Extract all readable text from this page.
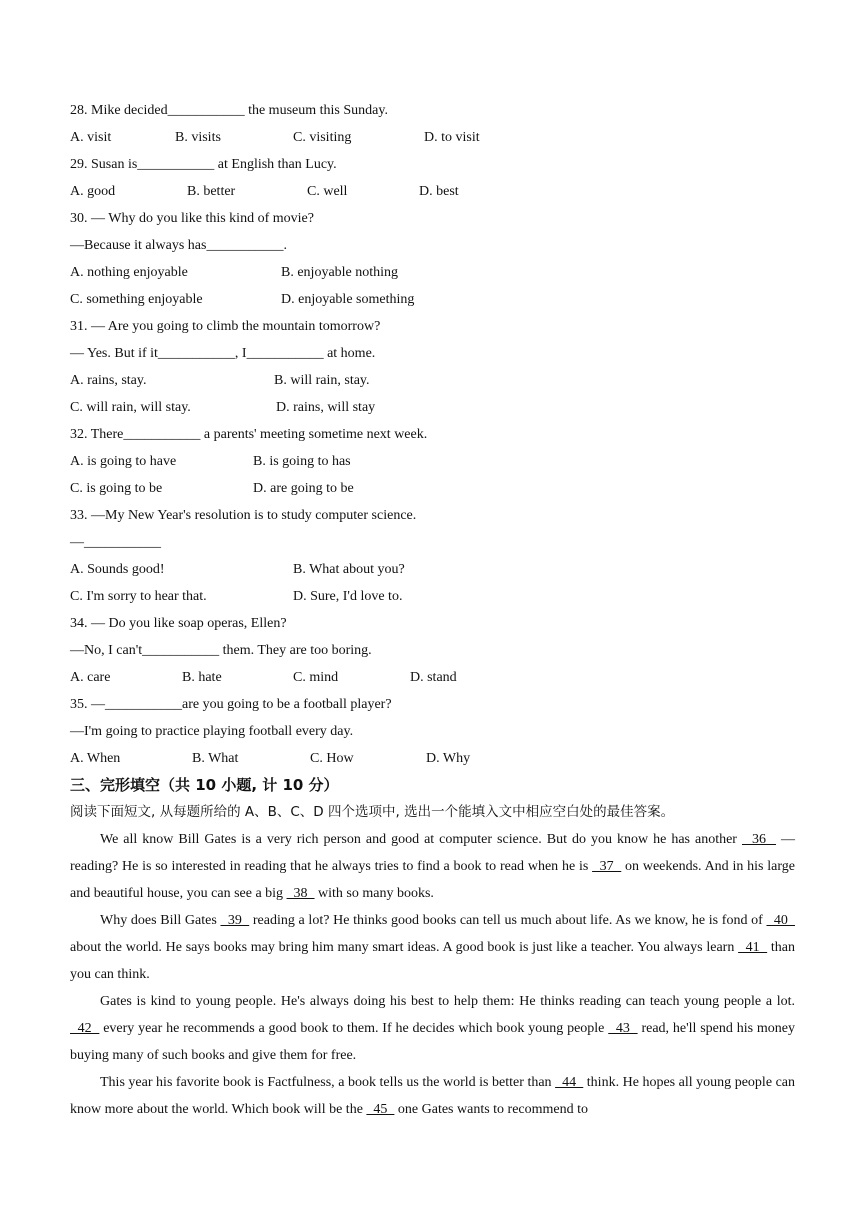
28. Mike decided___________ the museum this Sunday.
A. visit	B. visits	C. visiting	D. to visit
29. Susan is___________ at English than Lucy.
A. good	B. better	C. well	D. best
30. — Why do you like this kind of movie?
—Because it always has___________.
A. nothing enjoyable	B. enjoyable nothing
C. something enjoyable	D. enjoyable something
31. — Are you going to climb the mountain tomorrow?
— Yes. But if it___________, I___________ at home.
A. rains, stay.	B. will rain, stay.
C. will rain, will stay.	D. rains, will stay
32. There___________ a parents' meeting sometime next week.
A. is going to have	B. is going to has
C. is going to be	D. are going to be
33. —My New Year's resolution is to study computer science.
—___________
A. Sounds good!	B. What about you?
C. I'm sorry to hear that.	D. Sure, I'd love to.
34. — Do you like soap operas, Ellen?
—No, I can't___________ them. They are too boring.
A. care	B. hate	C. mind	D. stand
35. —___________are you going to be a football player?
—I'm going to practice playing football every day.
A. When	B. What	C. How	D. Why
三、完形填空（共 10 小题, 计 10 分）
阅读下面短文, 从每题所给的 A、B、C、D 四个选项中, 选出一个能填入文中相应空白处的最佳答案。

We all know Bill Gates is a very rich person and good at computer science. But do you know he has another   36   —reading? He is so interested in reading that he always tries to find a book to read when he is   37   on weekends. And in his large and beautiful house, you can see a big   38   with so many books.

Why does Bill Gates   39   reading a lot? He thinks good books can tell us much about life. As we know, he is fond of   40   about the world. He says books may bring him many smart ideas. A good book is just like a teacher. You always learn   41   than you can think.

Gates is kind to young people. He's always doing his best to help them: He thinks reading can teach young people a lot.   42   every year he recommends a good book to them. If he decides which book young people   43   read, he'll spend his money buying many of such books and give them for free.

This year his favorite book is Factfulness, a book tells us the world is better than   44   think. He hopes all young people can know more about the world. Which book will be the   45   one Gates wants to recommend to
